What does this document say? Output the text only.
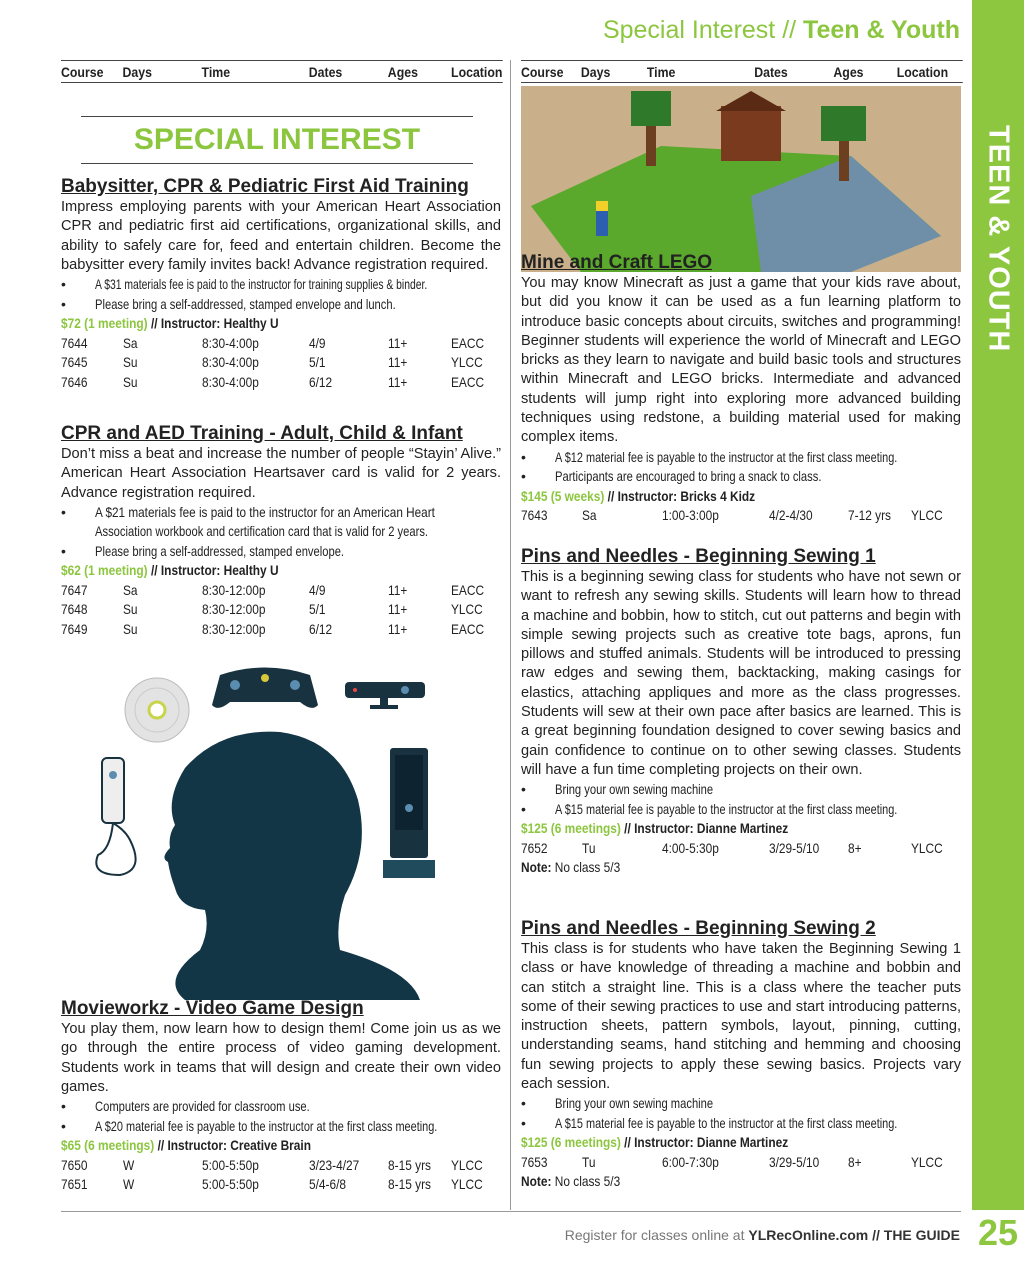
Special Interest // Teen & Youth
TEEN & YOUTH
25
Course	Days	Time	Dates	Ages	Location
SPECIAL INTEREST

Babysitter, CPR & Pediatric First Aid Training

Impress employing parents with your American Heart Association CPR and pediatric first aid certifications, organizational skills, and ability to safely care for, feed and entertain children. Become the babysitter every family invites back! Advance registration required.

•	A $31 materials fee is paid to the instructor for training supplies & binder.
•	Please bring a self-addressed, stamped envelope and lunch.
$72 (1 meeting) // Instructor: Healthy U
7644	Sa	8:30-4:00p	4/9	11+	EACC
7645	Su	8:30-4:00p	5/1	11+	YLCC
7646	Su	8:30-4:00p	6/12	11+	EACC

CPR and AED Training - Adult, Child & Infant

Don’t miss a beat and increase the number of people “Stayin’ Alive.” American Heart Association Heartsaver card is valid for 2 years. Advance registration required.

•	A $21 materials fee is paid to the instructor for an American Heart
Association workbook and certification card that is valid for 2 years.
•	Please bring a self-addressed, stamped envelope.
$62 (1 meeting) // Instructor: Healthy U
7647	Sa	8:30-12:00p	4/9	11+	EACC
7648	Su	8:30-12:00p	5/1	11+	YLCC
7649	Su	8:30-12:00p	6/12	11+	EACC

Movieworkz - Video Game Design

You play them, now learn how to design them! Come join us as we go through the entire process of video gaming development. Students work in teams that will design and create their own video games.

•	Computers are provided for classroom use.
•	A $20 material fee is payable to the instructor at the first class meeting.
$65 (6 meetings) // Instructor: Creative Brain
7650	W	5:00-5:50p	3/23-4/27	8-15 yrs	YLCC
7651	W	5:00-5:50p	5/4-6/8	8-15 yrs	YLCC
Course	Days	Time	Dates	Ages	Location

Mine and Craft LEGO

You may know Minecraft as just a game that your kids rave about, but did you know it can be used as a fun learning platform to introduce basic concepts about circuits, switches and programming! Beginner students will experience the world of Minecraft and LEGO bricks as they learn to navigate and build basic tools and structures within Minecraft and LEGO bricks. Intermediate and advanced students will jump right into exploring more advanced building techniques using redstone, a building material used for making complex items.

•	A $12 material fee is payable to the instructor at the first class meeting.
•	Participants are encouraged to bring a snack to class.
$145 (5 weeks) // Instructor: Bricks 4 Kidz
7643	Sa	1:00-3:00p	4/2-4/30	7-12 yrs	YLCC

Pins and Needles - Beginning Sewing 1

This is a beginning sewing class for students who have not sewn or want to refresh any sewing skills. Students will learn how to thread a machine and bobbin, how to stitch, cut out patterns and begin with simple sewing projects such as creative tote bags, aprons, fun pillows and stuffed animals. Students will be introduced to pressing raw edges and sewing them, backtacking, making casings for elastics, attaching appliques and more as the class progresses. Students will sew at their own pace after basics are learned. This is a great beginning foundation designed to cover sewing basics and gain confidence to continue on to other sewing classes. Students will have a fun time completing projects on their own.

•	Bring your own sewing machine
•	A $15 material fee is payable to the instructor at the first class meeting.
$125 (6 meetings) // Instructor: Dianne Martinez
7652	Tu	4:00-5:30p	3/29-5/10	8+	YLCC
Note: No class 5/3

Pins and Needles - Beginning Sewing 2

This class is for students who have taken the Beginning Sewing 1 class or have knowledge of threading a machine and bobbin and can stitch a straight line. This is a class where the teacher puts some of their sewing practices to use and start introducing patterns, instruction sheets, pattern symbols, layout, pinning, cutting, understanding seams, hand stitching and hemming and choosing fun sewing projects to apply these sewing basics. Projects vary each session.

•	Bring your own sewing machine
•	A $15 material fee is payable to the instructor at the first class meeting.
$125 (6 meetings) // Instructor: Dianne Martinez
7653	Tu	6:00-7:30p	3/29-5/10	8+	YLCC
Note: No class 5/3
Register for classes online at YLRecOnline.com // THE GUIDE
